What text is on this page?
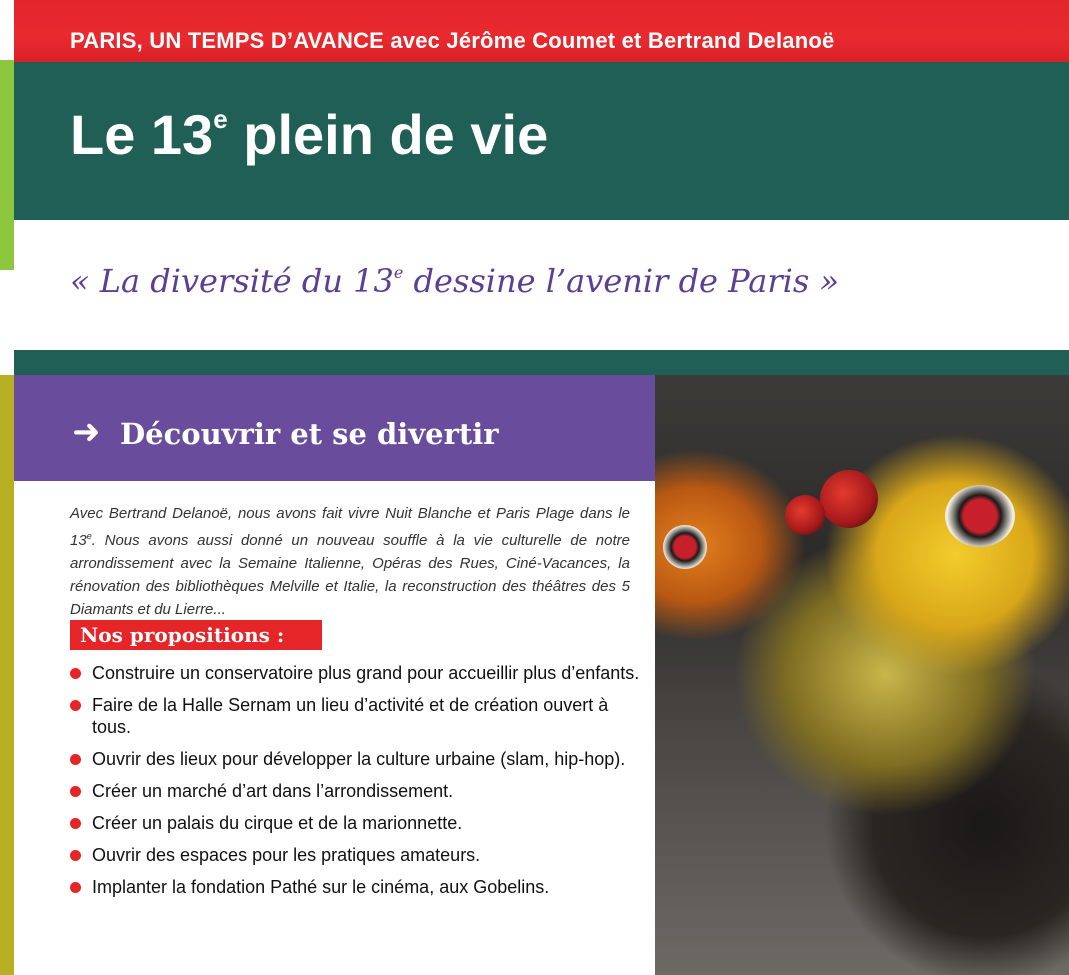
PARIS, UN TEMPS D’AVANCE avec Jérôme Coumet et Bertrand Delanoë
Le 13e plein de vie
« La diversité du 13e dessine l’avenir de Paris »
➜ Découvrir et se divertir

Avec Bertrand Delanoë, nous avons fait vivre Nuit Blanche et Paris Plage dans le 13e. Nous avons aussi donné un nouveau souffle à la vie culturelle de notre arrondissement avec la Semaine Italienne, Opéras des Rues, Ciné-Vacances, la rénovation des bibliothèques Melville et Italie, la reconstruction des théâtres des 5 Diamants et du Lierre...

Nos propositions :
Construire un conservatoire plus grand pour accueillir plus d’enfants.
Faire de la Halle Sernam un lieu d’activité et de création ouvert à tous.
Ouvrir des lieux pour développer la culture urbaine (slam, hip-hop).
Créer un marché d’art dans l’arrondissement.
Créer un palais du cirque et de la marionnette.
Ouvrir des espaces pour les pratiques amateurs.
Implanter la fondation Pathé sur le cinéma, aux Gobelins.
